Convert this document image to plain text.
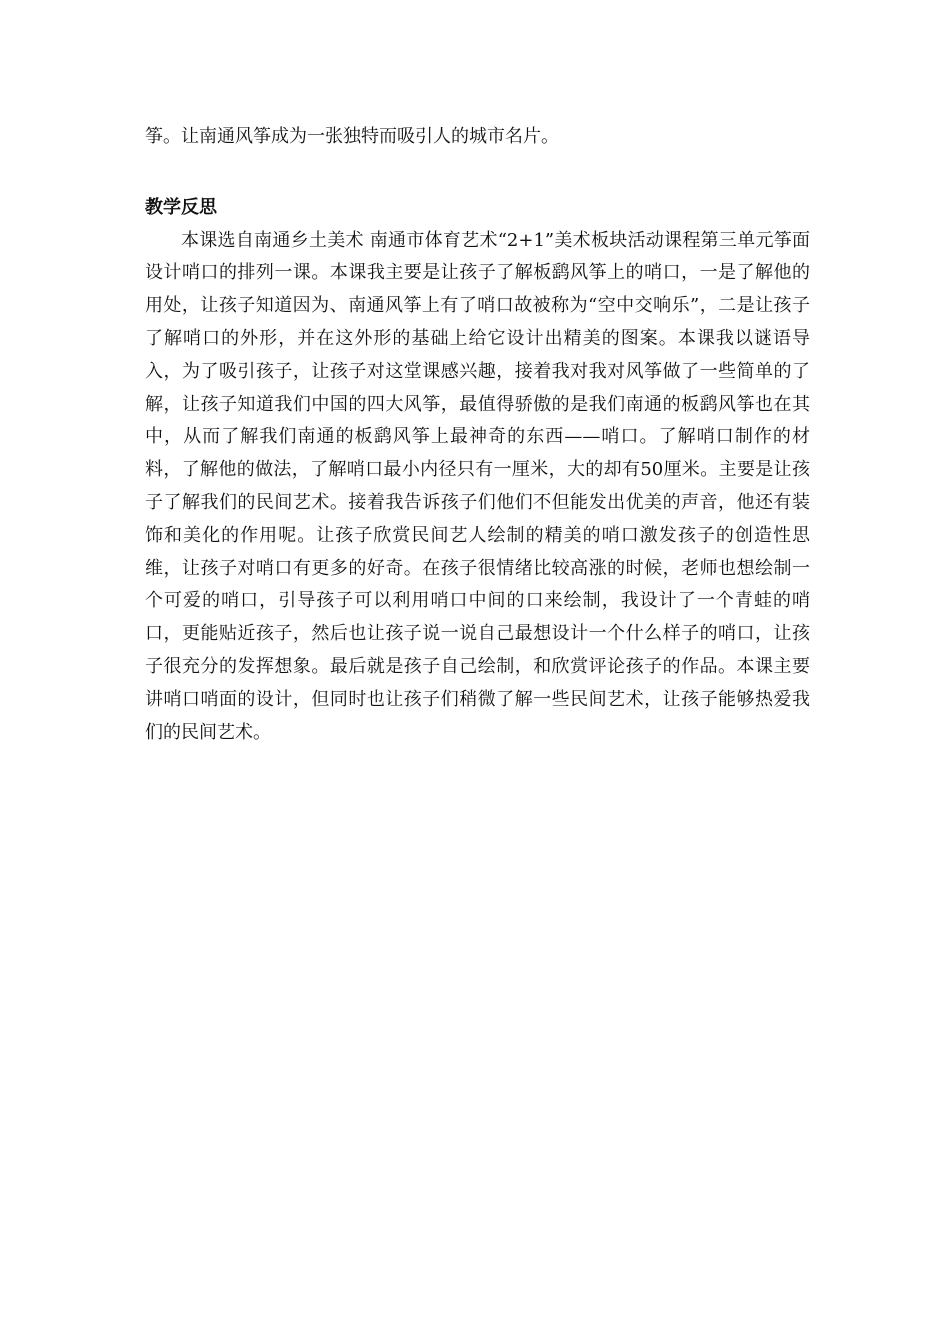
筝。让南通风筝成为一张独特而吸引人的城市名片。

教学反思

本课选自南通乡土美术 南通市体育艺术“2+1”美术板块活动课程第三单元筝面设计哨口的排列一课。本课我主要是让孩子了解板鹞风筝上的哨口，一是了解他的用处，让孩子知道因为、南通风筝上有了哨口故被称为“空中交响乐”，二是让孩子了解哨口的外形，并在这外形的基础上给它设计出精美的图案。本课我以谜语导入，为了吸引孩子，让孩子对这堂课感兴趣，接着我对我对风筝做了一些简单的了解，让孩子知道我们中国的四大风筝，最值得骄傲的是我们南通的板鹞风筝也在其中，从而了解我们南通的板鹞风筝上最神奇的东西——哨口。了解哨口制作的材料，了解他的做法，了解哨口最小内径只有一厘米，大的却有50厘米。主要是让孩子了解我们的民间艺术。接着我告诉孩子们他们不但能发出优美的声音，他还有装饰和美化的作用呢。让孩子欣赏民间艺人绘制的精美的哨口激发孩子的创造性思维，让孩子对哨口有更多的好奇。在孩子很情绪比较高涨的时候，老师也想绘制一个可爱的哨口，引导孩子可以利用哨口中间的口来绘制，我设计了一个青蛙的哨口，更能贴近孩子，然后也让孩子说一说自己最想设计一个什么样子的哨口，让孩子很充分的发挥想象。最后就是孩子自己绘制，和欣赏评论孩子的作品。本课主要讲哨口哨面的设计，但同时也让孩子们稍微了解一些民间艺术，让孩子能够热爱我们的民间艺术。
